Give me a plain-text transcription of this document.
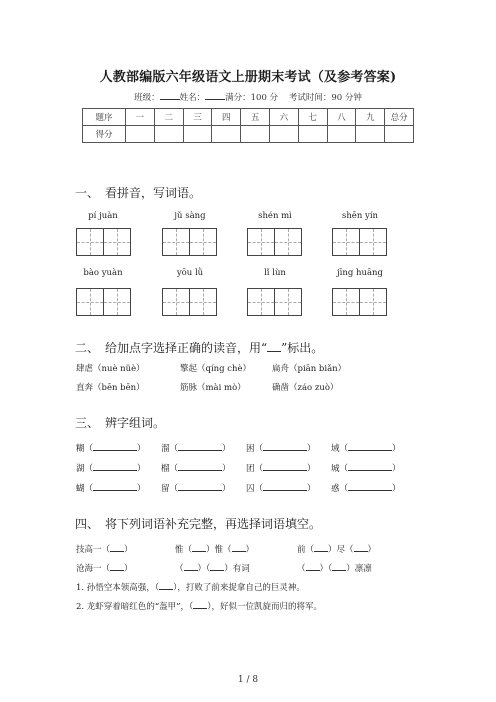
人教部编版六年级语文上册期末考试（及参考答案)
班级： 姓名： 满分：100 分 考试时间：90 分钟
题序	一	二	三	四	五	六	七	八	九	总分
得分										
一、 看拼音，写词语。
pí juàn	jǔ sàng	shén mì	shēn yín
bào yuàn	yōu lǜ	lǐ lùn	jīng huāng
二、 给加点字选择正确的读音，用“ ”标出。
肆虐（nuè nüè）	擎起（qíng chè） 扁舟（piān biǎn）
直奔（bēn bēn）	筋脉（mài mò）	确凿（záo zuò）
三、 辨字组词。
糊（	） 溜（	） 困（	） 域（	）
湖（	） 榴（	） 团（	） 城（	）
蝴（	） 留（	） 囚（	） 惑（	）
四、 将下列词语补充完整，再选择词语填空。
技高一（ ）	惟（ ）惟（ ）	前（ ）尽（ ）
沧海一（ ）	（ ）（ ）有词	（ ）（ ）凛凛
1. 孙悟空本领高强，（ ），打败了前来捉拿自己的巨灵神。
2. 龙虾穿着暗红色的“盔甲”，（ ），好似一位凯旋而归的将军。
1 / 8
